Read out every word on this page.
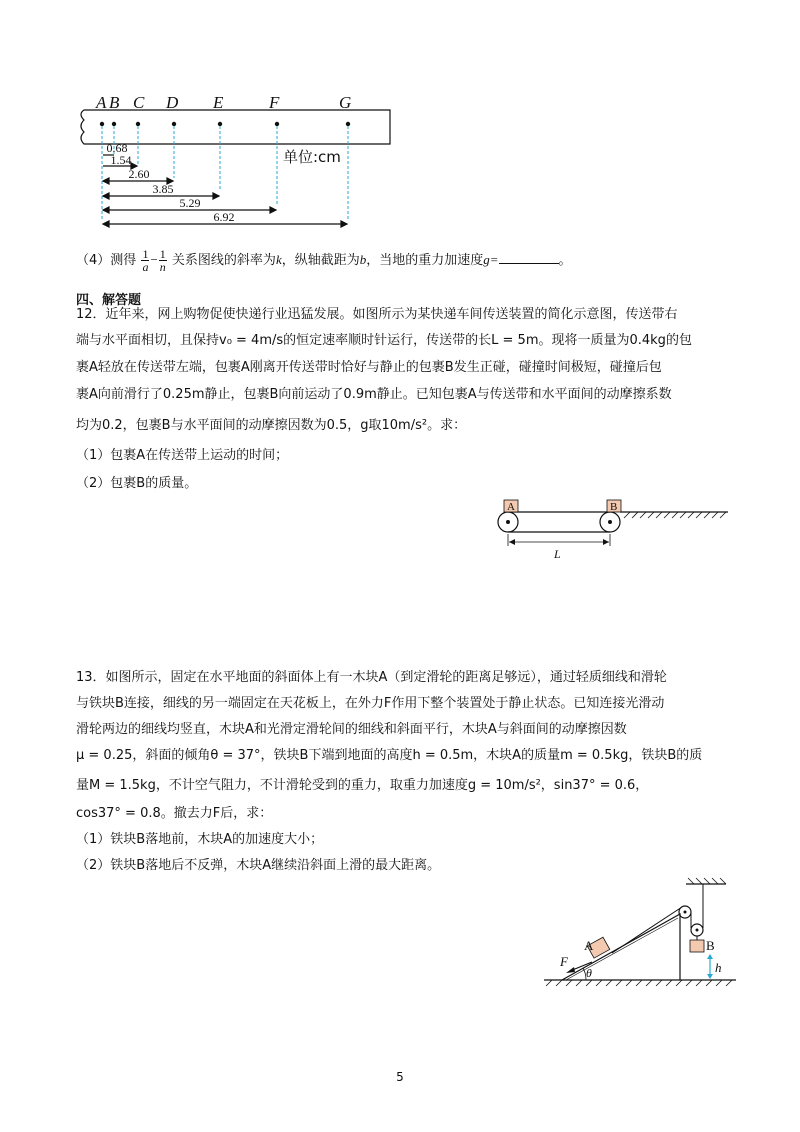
A B C D E	F	G
0.68
1.54
2.60
3.85
5.29
6.92
单位:cm
（4）测得 $\frac{1}{a} - \frac{1}{n}$ 关系图线的斜率为k，纵轴截距为b，当地的重力加速度g=	。
四、解答题
12．近年来，网上购物促使快递行业迅猛发展。如图所示为某快递车间传送装置的简化示意图，传送带右
端与水平面相切，且保持v₀ = 4m/s的恒定速率顺时针运行，传送带的长L = 5m。现将一质量为0.4kg的包
裹A轻放在传送带左端，包裹A刚离开传送带时恰好与静止的包裹B发生正碰，碰撞时间极短，碰撞后包
裹A向前滑行了0.25m静止，包裹B向前运动了0.9m静止。已知包裹A与传送带和水平面间的动摩擦系数
均为0.2，包裹B与水平面间的动摩擦因数为0.5，g取10m/s²。求：
（1）包裹A在传送带上运动的时间；
（2）包裹B的质量。
A	B
L
13．如图所示，固定在水平地面的斜面体上有一木块A（到定滑轮的距离足够远），通过轻质细线和滑轮
与铁块B连接，细线的另一端固定在天花板上，在外力F作用下整个装置处于静止状态。已知连接光滑动
滑轮两边的细线均竖直，木块A和光滑定滑轮间的细线和斜面平行，木块A与斜面间的动摩擦因数
μ = 0.25，斜面的倾角θ = 37°，铁块B下端到地面的高度h = 0.5m，木块A的质量m = 0.5kg，铁块B的质
量M = 1.5kg，不计空气阻力，不计滑轮受到的重力，取重力加速度g = 10m/s²，sin37° = 0.6，
cos37° = 0.8。撤去力F后，求：
（1）铁块B落地前，木块A的加速度大小；
（2）铁块B落地后不反弹，木块A继续沿斜面上滑的最大距离。
B
h
A
F
θ
5
